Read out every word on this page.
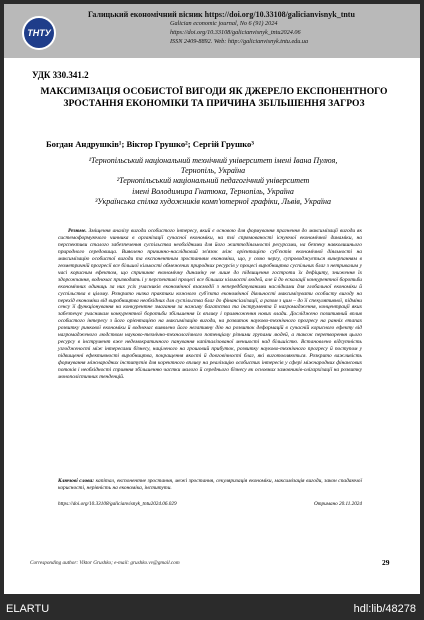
ТНТУ
Галицький економічний вісник https://doi.org/10.33108/galicianvisnyk_tntu
Galician economic journal, No 6 (91) 2024
https://doi.org/10.33108/galicianvisnyk_tntu2024.06
ISSN 2409-8892. Web: http://galicianvisnyk.tntu.edu.ua
УДК 330.341.2
МАКСИМІЗАЦІЯ ОСОБИСТОЇ ВИГОДИ ЯК ДЖЕРЕЛО ЕКСПОНЕНТНОГО ЗРОСТАННЯ ЕКОНОМІКИ ТА ПРИЧИНА ЗБІЛЬШЕННЯ ЗАГРОЗ
Богдан Андрушків¹; Віктор Грушко²; Сергій Грушко³
¹Тернопільський національний технічний університет імені Івана Пулюя,
Тернопіль, Україна
²Тернопільський національний педагогічний університет
імені Володимира Гнатюка, Тернопіль, Україна
³Українська спілка художників комп'ютерної графіки, Львів, Україна
Резюме. Зміщення аналізу вигоди особистого інтересу, який є основою для формування прагнення до максимізації вигоди як системоформуючого чинника в організації сучасної економіки, на тлі спрямованості існуючої економічної динаміки, на перспективи сталого забезпечення суспільства необхідними для його життєдіяльності ресурсами, на безпеку навколишнього природного середовища. Виявлено причинно-наслідковий зв'язок між орієнтацією суб'єктів економічної діяльності на максимізацію особистої вигоди та експонентним зростанням економіки, що, у свою чергу, супроводжується вичерпанням в геометричній прогресії все більшої кількості обмежених природних ресурсів у процесі виробництва суспільних благ з нетривалим у часі корисним ефектом, що спричиняє економічну динаміку не лише до підвищення гостроти їх дефіциту, зниження їх здорожчання, водночас призводить і у перспективі процесі все більших кількості людей, але й до ескалації конкурентної боротьби економічних одиниць за них усіх учасників економічної взаємодії з непередбачуваними наслідками для глобальної економіки й суспільства в цілому. Розкрито низка практики кожного суб'єкта економічної діяльності максимізувати особисту вигоду на перехід економіки від виробництва необхідних для суспільства благ до фінансіалізації, а разом з цим – до її спекулятивної, підміни сенсу її функціонування на конкурентне змагання за наживу багатства та інструмента її нагромадження, концентрації яких забезпечує учасникам конкурентної боротьби збільшення їх впливу і примноження нових влади. Досліджено позитивний вплив особистого інтересу з його орієнтацією на максимізацію вигоди, на розвиток науково-технічного прогресу на ранніх етапах розвитку ринкової економіки й водночас виявлено його негативну дію на розвиток деформацій в сучасній корисного ефекту від нагромадженого людством науково-технічно-технологічного потенціалу різними групами людей, а також перетворення цього ресурсу в інструмент вже недемократичного панування капіталізованої меншості над більшістю. Встановлено відсутність узгодженості між інтересами бізнесу, націленого на грошовий прибуток, розвитку науково-технічного прогресу й поступом у підвищенні ефективності виробництва, покращення якості й довговічності благ, які виготовляються. Розкрито важливість формування міжнародних інститутів для коректного впливу на реалізацію особистих інтересів у сфері міжнародних фінансових потоків і необхідності сприяння збільшенню частки малого й середнього бізнесу як основних замовників-олігархізації на розвитку монополістичних тенденцій.
Ключові слова: капітал, експонентне зростання, межі зростання, секуляризація економіки, максимізація вигоди, закон спадаючої корисності, нерівність на економіка, інститути.
https://doi.org/10.33108/galicianvisnyk_tntu2024.06.029	Отримано 20.11.2024
Corresponding author: Viktor Grushko; e-mail: grushko.vv@gmail.com	29
ELARTU	hdl:lib/48278
